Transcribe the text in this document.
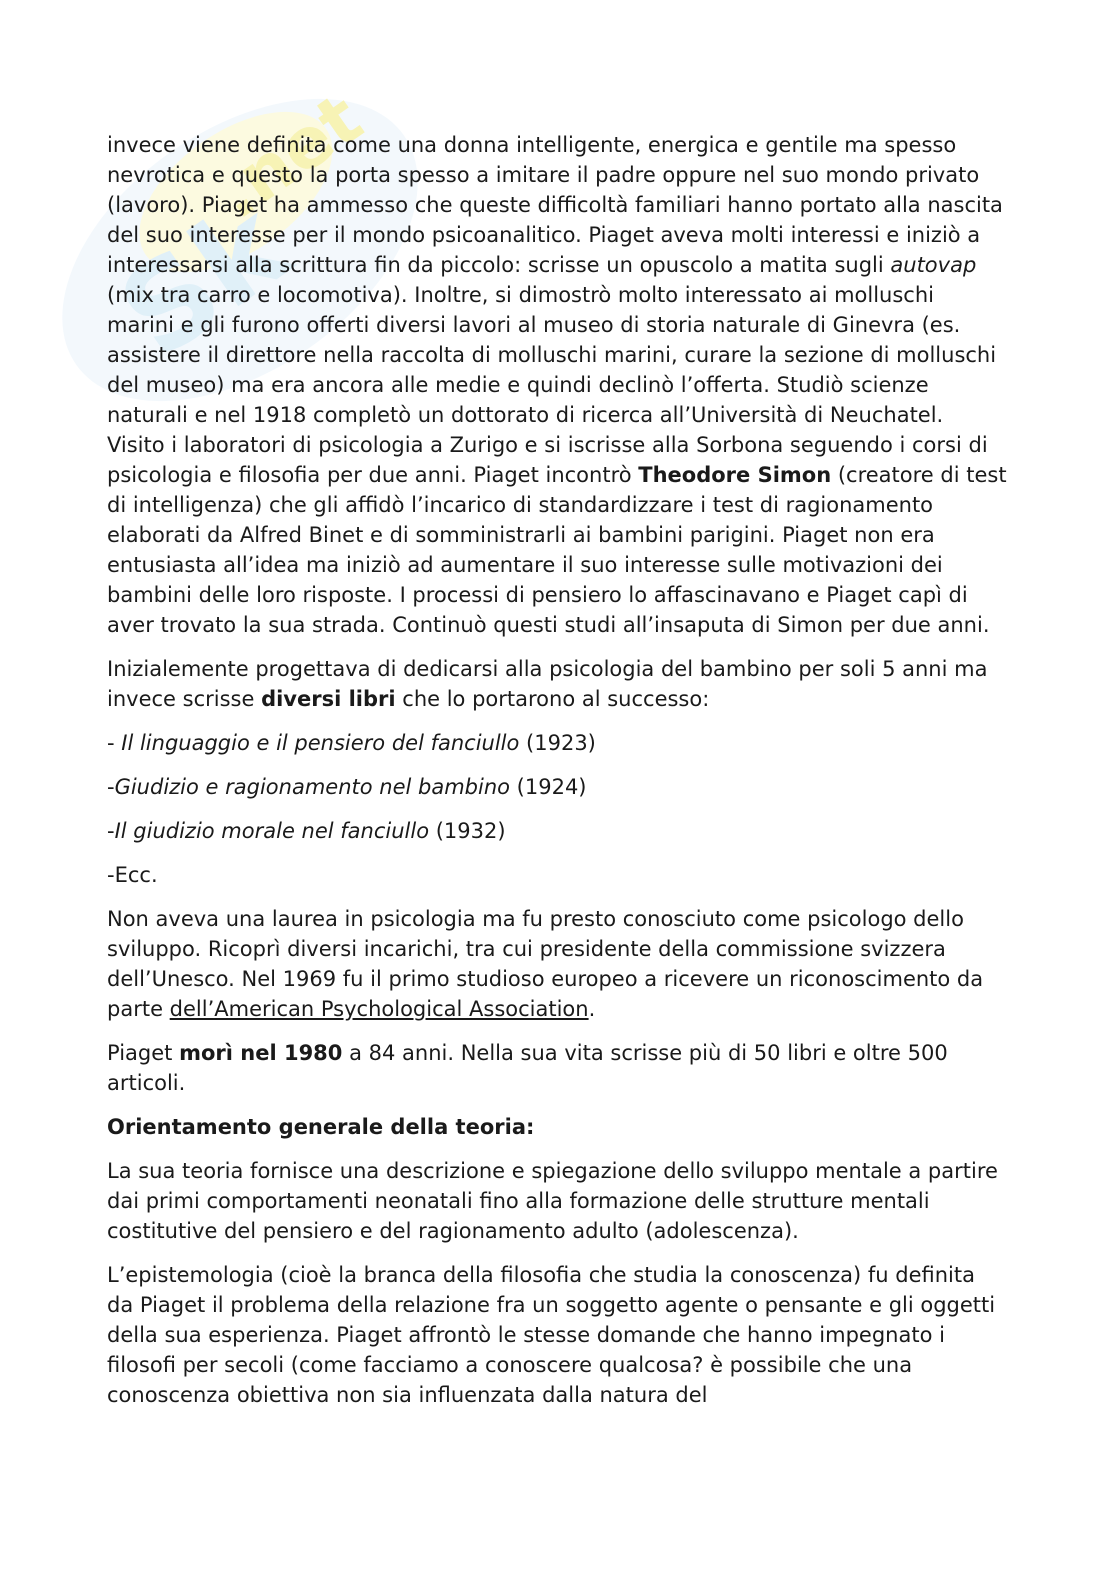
Sk
.net

invece viene definita come una donna intelligente, energica e gentile ma spesso nevrotica e questo la porta spesso a imitare il padre oppure nel suo mondo privato (lavoro). Piaget ha ammesso che queste difficoltà familiari hanno portato alla nascita del suo interesse per il mondo psicoanalitico. Piaget aveva molti interessi e iniziò a interessarsi alla scrittura fin da piccolo: scrisse un opuscolo a matita sugli autovap (mix tra carro e locomotiva). Inoltre, si dimostrò molto interessato ai molluschi marini e gli furono offerti diversi lavori al museo di storia naturale di Ginevra (es. assistere il direttore nella raccolta di molluschi marini, curare la sezione di molluschi del museo) ma era ancora alle medie e quindi declinò l’offerta. Studiò scienze naturali e nel 1918 completò un dottorato di ricerca all’Università di Neuchatel. Visito i laboratori di psicologia a Zurigo e si iscrisse alla Sorbona seguendo i corsi di psicologia e filosofia per due anni. Piaget incontrò Theodore Simon (creatore di test di intelligenza) che gli affidò l’incarico di standardizzare i test di ragionamento elaborati da Alfred Binet e di somministrarli ai bambini parigini. Piaget non era entusiasta all’idea ma iniziò ad aumentare il suo interesse sulle motivazioni dei bambini delle loro risposte. I processi di pensiero lo affascinavano e Piaget capì di aver trovato la sua strada. Continuò questi studi all’insaputa di Simon per due anni.

Inizialemente progettava di dedicarsi alla psicologia del bambino per soli 5 anni ma invece scrisse diversi libri che lo portarono al successo:

- Il linguaggio e il pensiero del fanciullo (1923)

-Giudizio e ragionamento nel bambino (1924)

-Il giudizio morale nel fanciullo (1932)

-Ecc.

Non aveva una laurea in psicologia ma fu presto conosciuto come psicologo dello sviluppo. Ricoprì diversi incarichi, tra cui presidente della commissione svizzera dell’Unesco. Nel 1969 fu il primo studioso europeo a ricevere un riconoscimento da parte dell’American Psychological Association.

Piaget morì nel 1980 a 84 anni. Nella sua vita scrisse più di 50 libri e oltre 500 articoli.

Orientamento generale della teoria:

La sua teoria fornisce una descrizione e spiegazione dello sviluppo mentale a partire dai primi comportamenti neonatali fino alla formazione delle strutture mentali costitutive del pensiero e del ragionamento adulto (adolescenza).

L’epistemologia (cioè la branca della filosofia che studia la conoscenza) fu definita da Piaget il problema della relazione fra un soggetto agente o pensante e gli oggetti della sua esperienza. Piaget affrontò le stesse domande che hanno impegnato i filosofi per secoli (come facciamo a conoscere qualcosa? è possibile che una conoscenza obiettiva non sia influenzata dalla natura del
